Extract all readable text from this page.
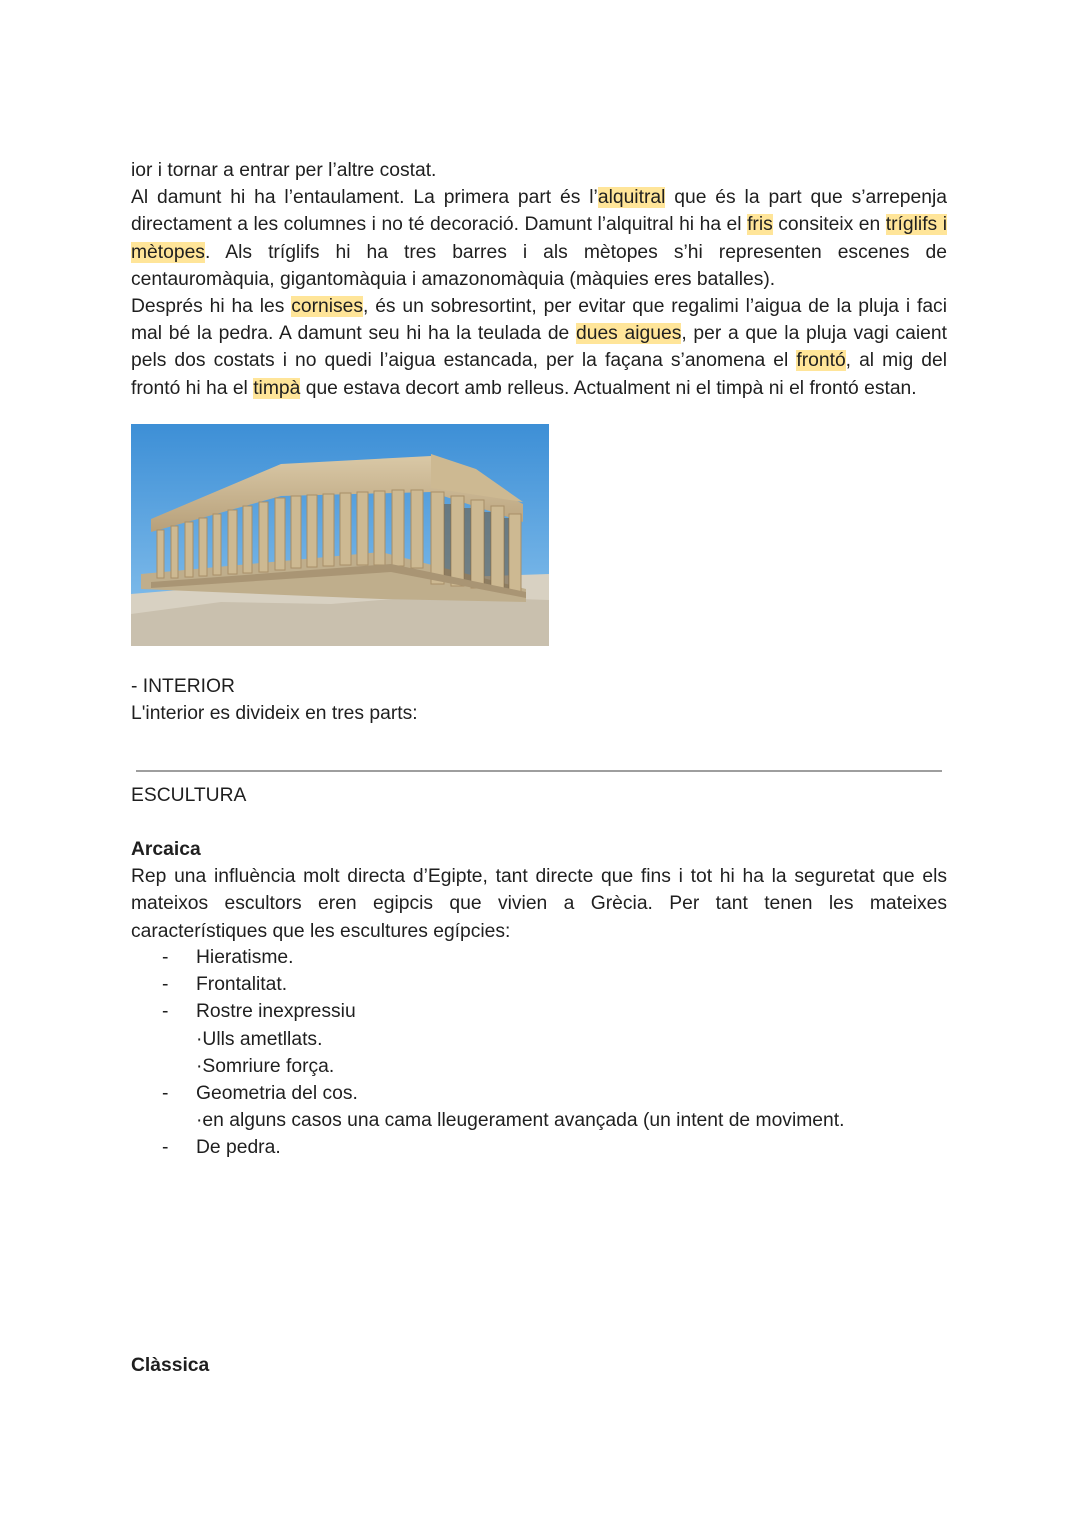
ior i tornar a entrar per l’altre costat.

Al damunt hi ha l’entaulament. La primera part és l’alquitral que és la part que s’arrepenja directament a les columnes i no té decoració. Damunt l’alquitral hi ha el fris consiteix en tríglifs i mètopes. Als tríglifs hi ha tres barres i als mètopes s’hi representen escenes de centauromàquia, gigantomàquia i amazonomàquia (màquies eres batalles).

Després hi ha les cornises, és un sobresortint, per evitar que regalimi l’aigua de la pluja i faci mal bé la pedra. A damunt seu hi ha la teulada de dues aigues, per a que la pluja vagi caient pels dos costats i no quedi l’aigua estancada, per la façana s’anomena el frontó, al mig del frontó hi ha el timpà que estava decort amb relleus. Actualment ni el timpà ni el frontó estan.

- INTERIOR

L'interior es divideix en tres parts:

ESCULTURA

Arcaica

Rep una influència molt directa d’Egipte, tant directe que fins i tot hi ha la seguretat que els mateixos escultors eren egipcis que vivien a Grècia. Per tant tenen les mateixes característiques que les escultures egípcies:

- Hieratisme.
- Frontalitat.
- Rostre inexpressiu
·Ulls ametllats.
·Somriure força.
- Geometria del cos.
·en alguns casos una cama lleugerament avançada (un intent de moviment.
- De pedra.

Clàssica
